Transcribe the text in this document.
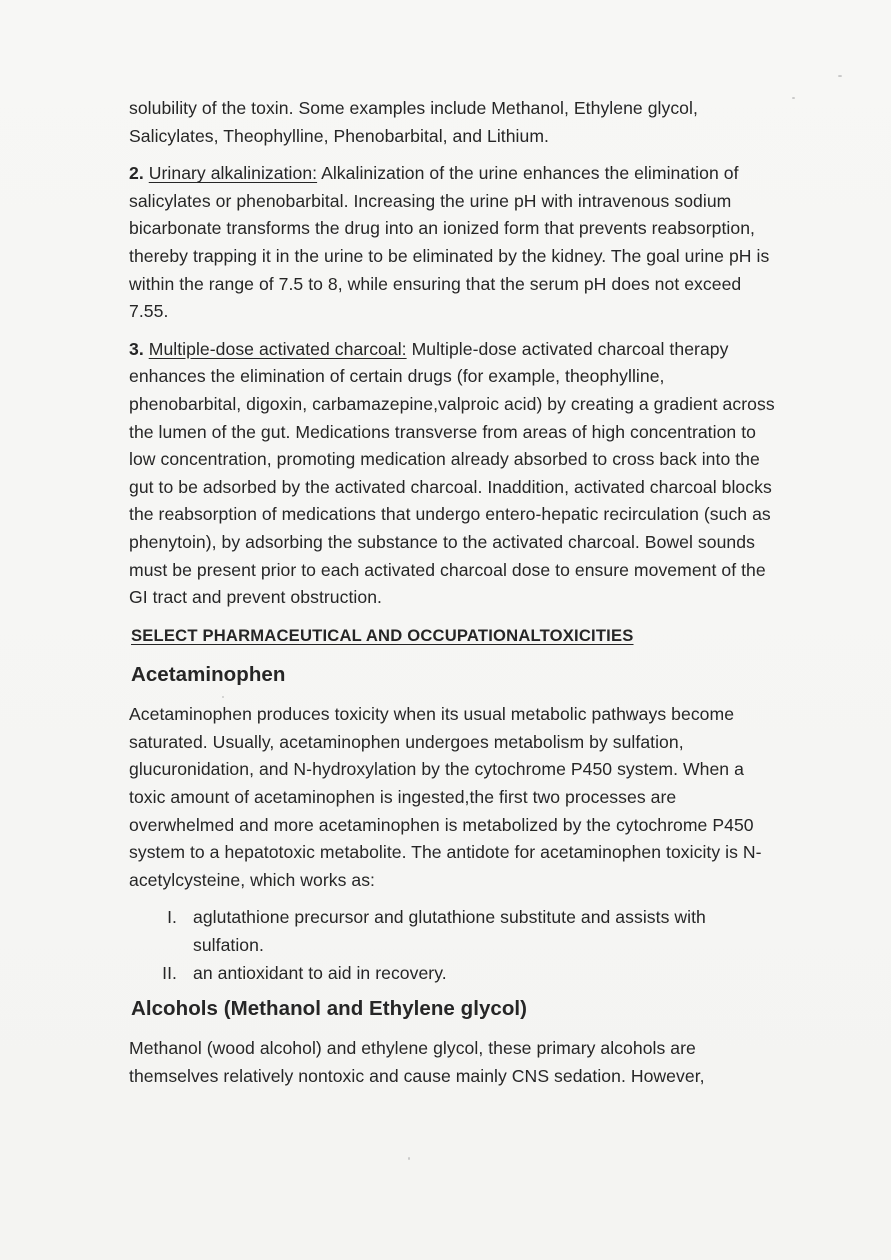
solubility of the toxin. Some examples include Methanol, Ethylene glycol, Salicylates, Theophylline, Phenobarbital, and Lithium.

2. Urinary alkalinization: Alkalinization of the urine enhances the elimination of salicylates or phenobarbital. Increasing the urine pH with intravenous sodium bicarbonate transforms the drug into an ionized form that prevents reabsorption, thereby trapping it in the urine to be eliminated by the kidney. The goal urine pH is within the range of 7.5 to 8, while ensuring that the serum pH does not exceed 7.55.

3. Multiple-dose activated charcoal: Multiple-dose activated charcoal therapy enhances the elimination of certain drugs (for example, theophylline, phenobarbital, digoxin, carbamazepine,valproic acid) by creating a gradient across the lumen of the gut. Medications transverse from areas of high concentration to low concentration, promoting medication already absorbed to cross back into the gut to be adsorbed by the activated charcoal. Inaddition, activated charcoal blocks the reabsorption of medications that undergo entero-hepatic recirculation (such as phenytoin), by adsorbing the substance to the activated charcoal. Bowel sounds must be present prior to each activated charcoal dose to ensure movement of the GI tract and prevent obstruction.

SELECT PHARMACEUTICAL AND OCCUPATIONALTOXICITIES
Acetaminophen

Acetaminophen produces toxicity when its usual metabolic pathways become saturated. Usually, acetaminophen undergoes metabolism by sulfation, glucuronidation, and N-hydroxylation by the cytochrome P450 system. When a toxic amount of acetaminophen is ingested,the first two processes are overwhelmed and more acetaminophen is metabolized by the cytochrome P450 system to a hepatotoxic metabolite. The antidote for acetaminophen toxicity is N-acetylcysteine, which works as:

I. aglutathione precursor and glutathione substitute and assists with sulfation.
II. an antioxidant to aid in recovery.
Alcohols (Methanol and Ethylene glycol)

Methanol (wood alcohol) and ethylene glycol, these primary alcohols are themselves relatively nontoxic and cause mainly CNS sedation. However,
